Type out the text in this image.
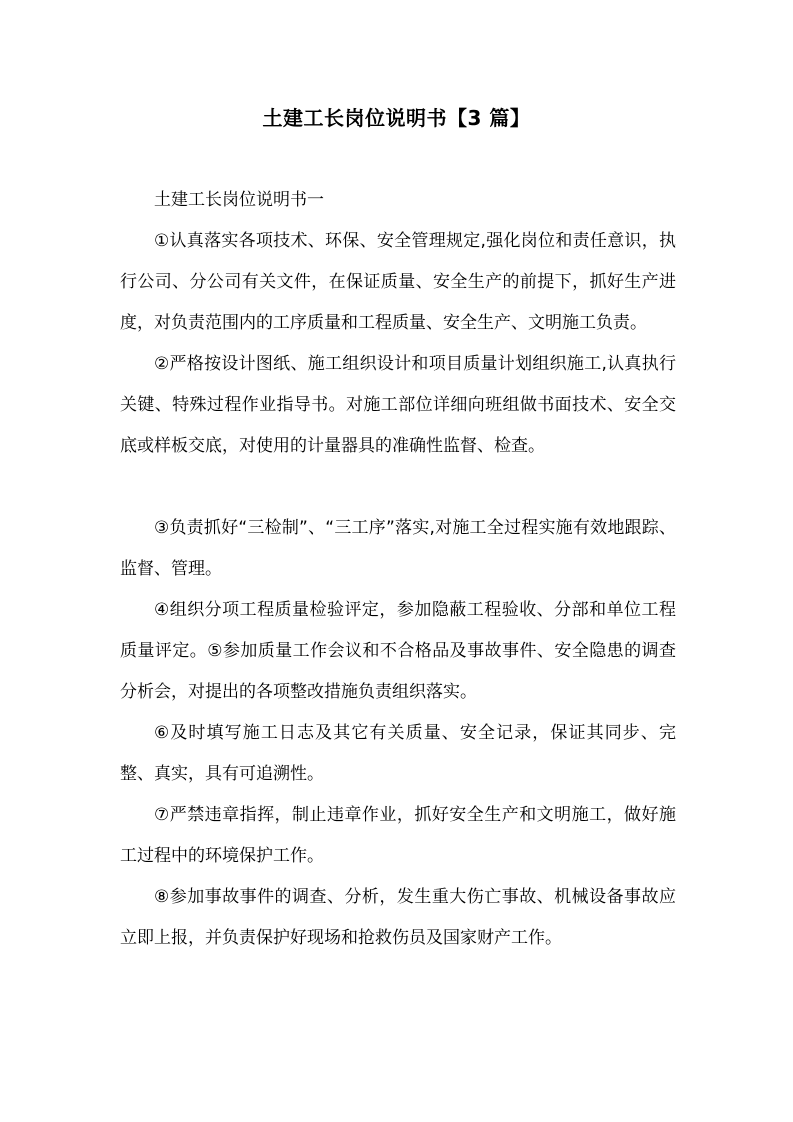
土建工长岗位说明书【3 篇】

土建工长岗位说明书一

①认真落实各项技术、环保、安全管理规定,强化岗位和责任意识，执行公司、分公司有关文件，在保证质量、安全生产的前提下，抓好生产进度，对负责范围内的工序质量和工程质量、安全生产、文明施工负责。

②严格按设计图纸、施工组织设计和项目质量计划组织施工,认真执行关键、特殊过程作业指导书。对施工部位详细向班组做书面技术、安全交底或样板交底，对使用的计量器具的准确性监督、检查。

③负责抓好“三检制”、“三工序”落实,对施工全过程实施有效地跟踪、监督、管理。

④组织分项工程质量检验评定，参加隐蔽工程验收、分部和单位工程质量评定。⑤参加质量工作会议和不合格品及事故事件、安全隐患的调查分析会，对提出的各项整改措施负责组织落实。

⑥及时填写施工日志及其它有关质量、安全记录，保证其同步、完整、真实，具有可追溯性。

⑦严禁违章指挥，制止违章作业，抓好安全生产和文明施工，做好施工过程中的环境保护工作。

⑧参加事故事件的调查、分析，发生重大伤亡事故、机械设备事故应立即上报，并负责保护好现场和抢救伤员及国家财产工作。
